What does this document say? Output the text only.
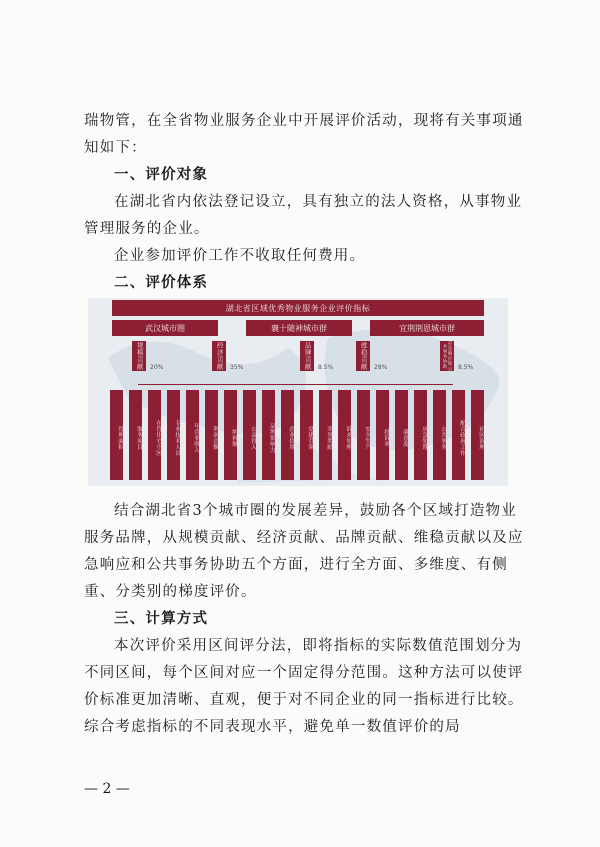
瑞物管，在全省物业服务企业中开展评价活动，现将有关事项通知如下：

一、评价对象

在湖北省内依法登记设立，具有独立的法人资格，从事物业管理服务的企业。

企业参加评价工作不收取任何费用。

二、评价体系

湖北省区域优秀物业服务企业评价指标
武汉城市圈	襄十随神城市群	宜荆荆恩城市群
规模贡献	20%	经济贡献	35%	品牌贡献	8.5%	维稳贡献	28%	应急响应和公共事务协助	8.5%
管理面积	服务项目	在管住宅小区	专业技术人员	年营业收入	利润总额	纳税额	公益投入	品牌影响力	企业信用	党建引领	荣誉奖励	诉求处理	安全生产	投诉率	满意度	应急处置	公共事务	配合政府工作	社区治理

结合湖北省3个城市圈的发展差异，鼓励各个区域打造物业服务品牌，从规模贡献、经济贡献、品牌贡献、维稳贡献以及应急响应和公共事务协助五个方面，进行全方面、多维度、有侧重、分类别的梯度评价。

三、计算方式

本次评价采用区间评分法，即将指标的实际数值范围划分为不同区间，每个区间对应一个固定得分范围。这种方法可以使评价标准更加清晰、直观，便于对不同企业的同一指标进行比较。综合考虑指标的不同表现水平，避免单一数值评价的局

— 2 —
